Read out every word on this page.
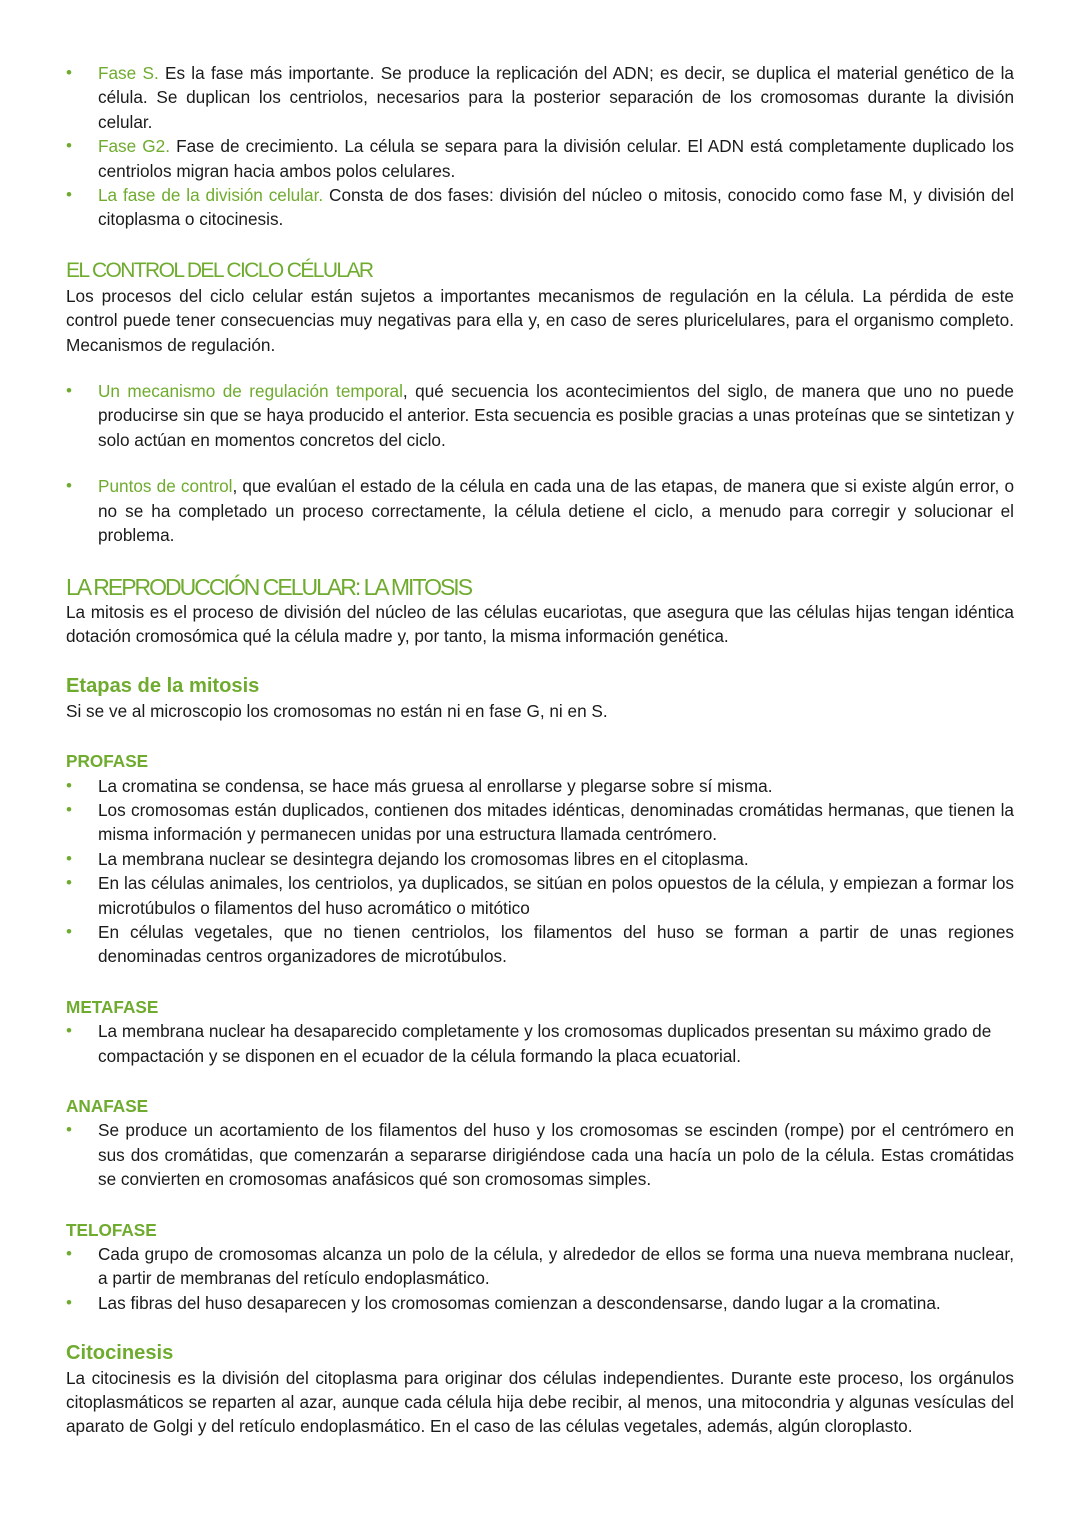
• Fase S. Es la fase más importante. Se produce la replicación del ADN; es decir, se duplica el material genético de la célula. Se duplican los centriolos, necesarios para la posterior separación de los cromosomas durante la división celular.
• Fase G2. Fase de crecimiento. La célula se separa para la división celular. El ADN está completamente duplicado los centriolos migran hacia ambos polos celulares.
• La fase de la división celular. Consta de dos fases: división del núcleo o mitosis, conocido como fase M, y división del citoplasma o citocinesis.
EL CONTROL DEL CICLO CÉLULAR

Los procesos del ciclo celular están sujetos a importantes mecanismos de regulación en la célula. La pérdida de este control puede tener consecuencias muy negativas para ella y, en caso de seres pluricelulares, para el organismo completo. Mecanismos de regulación.

• Un mecanismo de regulación temporal, qué secuencia los acontecimientos del siglo, de manera que uno no puede producirse sin que se haya producido el anterior. Esta secuencia es posible gracias a unas proteínas que se sintetizan y solo actúan en momentos concretos del ciclo.
• Puntos de control, que evalúan el estado de la célula en cada una de las etapas, de manera que si existe algún error, o no se ha completado un proceso correctamente, la célula detiene el ciclo, a menudo para corregir y solucionar el problema.
LA REPRODUCCIÓN CELULAR: LA MITOSIS

La mitosis es el proceso de división del núcleo de las células eucariotas, que asegura que las células hijas tengan idéntica dotación cromosómica qué la célula madre y, por tanto, la misma información genética.

Etapas de la mitosis

Si se ve al microscopio los cromosomas no están ni en fase G, ni en S.

PROFASE
• La cromatina se condensa, se hace más gruesa al enrollarse y plegarse sobre sí misma.
• Los cromosomas están duplicados, contienen dos mitades idénticas, denominadas cromátidas hermanas, que tienen la misma información y permanecen unidas por una estructura llamada centrómero.
• La membrana nuclear se desintegra dejando los cromosomas libres en el citoplasma.
• En las células animales, los centriolos, ya duplicados, se sitúan en polos opuestos de la célula, y empiezan a formar los microtúbulos o filamentos del huso acromático o mitótico
• En células vegetales, que no tienen centriolos, los filamentos del huso se forman a partir de unas regiones denominadas centros organizadores de microtúbulos.
METAFASE
• La membrana nuclear ha desaparecido completamente y los cromosomas duplicados presentan su máximo grado de compactación y se disponen en el ecuador de la célula formando la placa ecuatorial.
ANAFASE
• Se produce un acortamiento de los filamentos del huso y los cromosomas se escinden (rompe) por el centrómero en sus dos cromátidas, que comenzarán a separarse dirigiéndose cada una hacía un polo de la célula. Estas cromátidas se convierten en cromosomas anafásicos qué son cromosomas simples.
TELOFASE
• Cada grupo de cromosomas alcanza un polo de la célula, y alrededor de ellos se forma una nueva membrana nuclear, a partir de membranas del retículo endoplasmático.
• Las fibras del huso desaparecen y los cromosomas comienzan a descondensarse, dando lugar a la cromatina.
Citocinesis

La citocinesis es la división del citoplasma para originar dos células independientes. Durante este proceso, los orgánulos citoplasmáticos se reparten al azar, aunque cada célula hija debe recibir, al menos, una mitocondria y algunas vesículas del aparato de Golgi y del retículo endoplasmático. En el caso de las células vegetales, además, algún cloroplasto.
